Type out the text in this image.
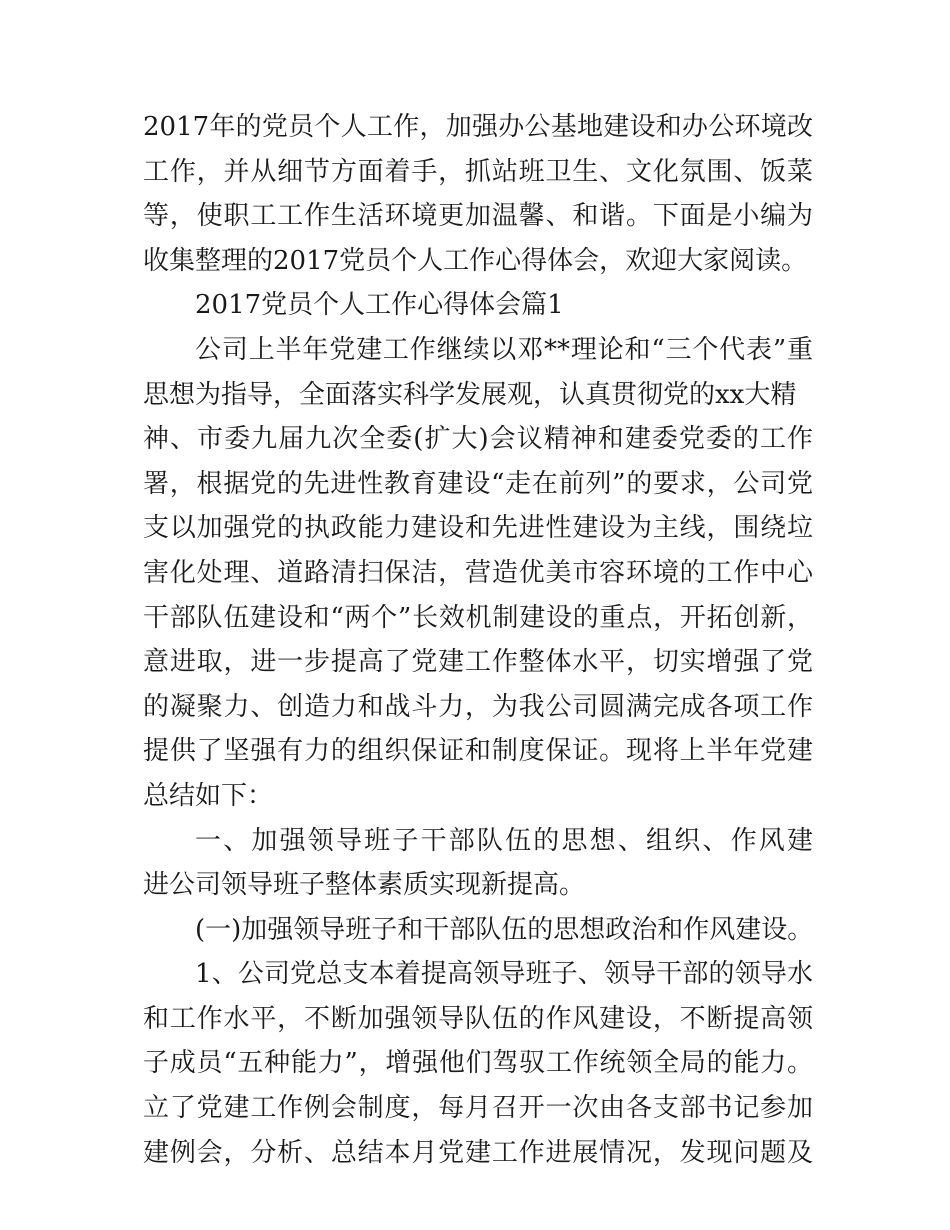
2017年的党员个人工作，加强办公基地建设和办公环境改
工作，并从细节方面着手，抓站班卫生、文化氛围、饭菜
等，使职工工作生活环境更加温馨、和谐。下面是小编为
收集整理的2017党员个人工作心得体会，欢迎大家阅读。
2017党员个人工作心得体会篇1
公司上半年党建工作继续以邓**理论和“三个代表”重
思想为指导，全面落实科学发展观，认真贯彻党的xx大精
神、市委九届九次全委(扩大)会议精神和建委党委的工作
署，根据党的先进性教育建设“走在前列”的要求，公司党
支以加强党的执政能力建设和先进性建设为主线，围绕垃
害化处理、道路清扫保洁，营造优美市容环境的工作中心
干部队伍建设和“两个”长效机制建设的重点，开拓创新，
意进取，进一步提高了党建工作整体水平，切实增强了党
的凝聚力、创造力和战斗力，为我公司圆满完成各项工作
提供了坚强有力的组织保证和制度保证。现将上半年党建
总结如下：
一、加强领导班子干部队伍的思想、组织、作风建
进公司领导班子整体素质实现新提高。
(一)加强领导班子和干部队伍的思想政治和作风建设。
1、公司党总支本着提高领导班子、领导干部的领导水
和工作水平，不断加强领导队伍的作风建设，不断提高领
子成员“五种能力”，增强他们驾驭工作统领全局的能力。
立了党建工作例会制度，每月召开一次由各支部书记参加
建例会，分析、总结本月党建工作进展情况，发现问题及
